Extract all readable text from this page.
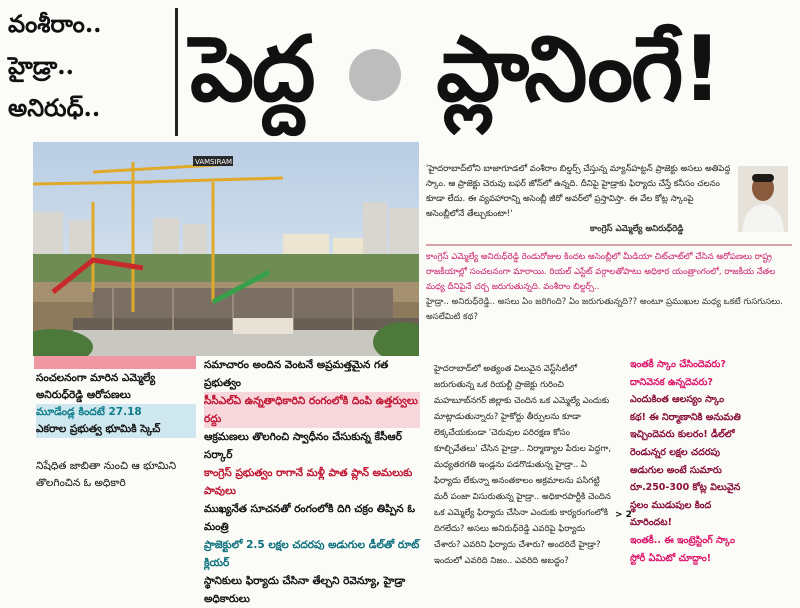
వంశీరాం..
హైడ్రా..
అనిరుధ్.. పెద్ద ప్లానింగే!
VAMSIRAM
'హైదరాబాద్‌లోని బాజాగూడలో వంశీరాం బిల్డర్స్ చేస్తున్న మ్యాన్‌హట్టన్ ప్రాజెక్టు అసలు అతిపెద్ద స్కాం. ఆ ప్రాజెక్టు చెరువు బఫర్ జోన్‌లో ఉన్నది. దీనిపై హైడ్రాకు ఫిర్యాదు చేస్తే కనీసం చలనం కూడా లేదు. ఈ వ్యవహారాన్ని అసెంబ్లీ జీరో అవర్‌లో ప్రస్తావిస్తా. ఈ వేల కోట్ల స్కాంపై అసెంబ్లీలోనే తేల్చుకుంటా!'
కాంగ్రెస్ ఎమ్మెల్యే అనిరుధ్‌రెడ్డి
కాంగ్రెస్ ఎమ్మెల్యే అనిరుధ్‌రెడ్డి రెండురోజుల కిందట అసెంబ్లీలో మీడియా చిట్‌చాట్‌లో చేసిన ఆరోపణలు రాష్ట్ర రాజకీయాల్లో సంచలనంగా మారాయి. రియల్ ఎస్టేట్ వర్గాలతోపాటు అధికార యంత్రాంగంలో, రాజకీయ నేతల మధ్య దీనిపైనే చర్చ జరుగుతున్నది. వంశీరాం బిల్డర్స్..
హైడ్రా.. అనిరుధ్‌రెడ్డి.. అసలు ఏం జరిగింది? ఏం జరుగుతున్నది?? అంటూ ప్రముఖుల మధ్య ఒకటే గుసగుసలు. అసలేమిటి కథ?
సంచలనంగా మారిన ఎమ్మెల్యే అనిరుధ్‌రెడ్డి ఆరోపణలు
మూడేండ్ల కిందటే 27.18
ఎకరాల ప్రభుత్వ భూమికి స్కెచ్
నిషేధిత జాబితా నుంచి ఆ భూమిని తొలగించిన ఓ అధికారి
సమాచారం అందిన వెంటనే అప్రమత్తమైన గత ప్రభుత్వం
సీసీఎల్‌ఏ ఉన్నతాధికారిని రంగంలోకి దింపి ఉత్తర్వులు రద్దు
ఆక్రమణలు తొలగించి స్వాధీనం చేసుకున్న కేసీఆర్ సర్కార్
కాంగ్రెస్ ప్రభుత్వం రాగానే మళ్లీ పాత ప్లాన్ అమలుకు పావులు
ముఖ్యనేత సూచనతో రంగంలోకి దిగి చక్రం తిప్పిన ఓ మంత్రి
ప్రాజెక్టులో 2.5 లక్షల చదరపు అడుగుల డీల్‌తో రూట్ క్లియర్
స్థానికులు ఫిర్యాదు చేసినా తేల్చని రెవెన్యూ, హైడ్రా అధికారులు
హైదరాబాద్‌లో అత్యంత విలువైన వెస్ట్‌సిటీలో జరుగుతున్న ఒక రియల్టీ ప్రాజెక్టు గురించి మహబూబ్‌నగర్ జిల్లాకు చెందిన ఒక ఎమ్మెల్యే ఎందుకు మాట్లాడుతున్నారు? హైకోర్టు తీర్పులను కూడా లెక్కచేయకుండా 'చెరువుల పరిరక్షణ కోసం కూల్చివేతలు' చేసిన హైడ్రా.. నిర్మాణ్యాల పేరుల పెద్దగా, మధ్యతరగతి ఇండ్లను పడగొడుతున్న హైడ్రా.. ఏ ఫిర్యాదు లేకున్నా అనంతకాలం అక్రమాలను పసిగట్టి మరీ పంజా విసురుతున్న హైడ్రా.. అధికారపార్టీకి చెందిన ఒక ఎమ్మెల్యే ఫిర్యాదు చేసినా ఎందుకు కార్యరంగంలోకి దిగలేదు? అసలు అనిరుధ్‌రెడ్డి ఎవరిపై ఫిర్యాదు చేశారు? ఎవరిని ఫిర్యాదు చేశారు? అందరిదే హైడ్రా? ఇందులో ఎవరిది నిజం.. ఎవరిది అబద్ధం?
> 2
ఇంతకీ స్కాం చేసిందెవరు? దానివెనక ఉన్నదెవరు?
ఎందుకింత ఆలస్యం స్కాం కథ! ఈ నిర్మాణానికి అనుమతి ఇచ్చిందెవరు కులరం! డీల్‌లో రెండున్నర లక్షల చదరపు అడుగుల అంటే సుమారు రూ.250-300 కోట్ల విలువైన స్థలం ముడుపుల కింద మారిందట!
ఇంతకీ.. ఈ ఇంట్రెస్టింగ్ స్కాం స్టోరీ ఏమిటో చూద్దాం!
